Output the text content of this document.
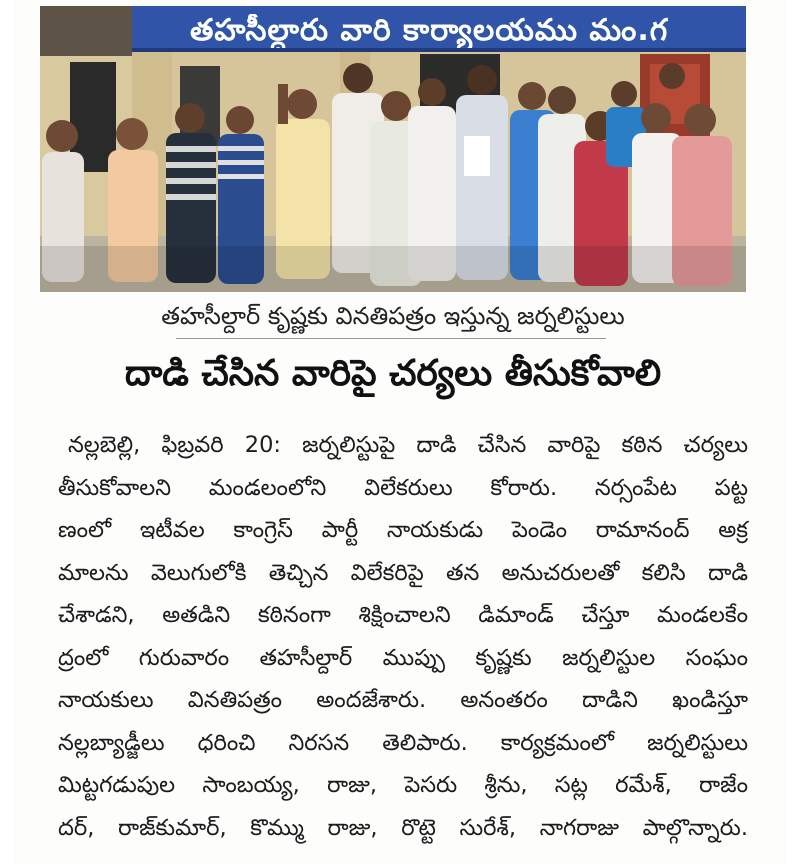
తహసీల్దారు వారి కార్యాలయము మం.గ
తహసీల్దార్ కృష్ణకు వినతిపత్రం ఇస్తున్న జర్నలిస్టులు
దాడి చేసిన వారిపై చర్యలు తీసుకోవాలి
నల్లబెల్లి, ఫిబ్రవరి 20: జర్నలిస్టుపై దాడి చేసిన వారిపై కఠిన చర్యలు
తీసుకోవాలని మండలంలోని విలేకరులు కోరారు. నర్సంపేట పట్ట
ణంలో ఇటీవల కాంగ్రెస్ పార్టీ నాయకుడు పెండెం రామానంద్ అక్ర
మాలను వెలుగులోకి తెచ్చిన విలేకరిపై తన అనుచరులతో కలిసి దాడి
చేశాడని, అతడిని కఠినంగా శిక్షించాలని డిమాండ్ చేస్తూ మండలకేం
ద్రంలో గురువారం తహసీల్దార్ ముప్పు కృష్ణకు జర్నలిస్టుల సంఘం
నాయకులు వినతిపత్రం అందజేశారు. అనంతరం దాడిని ఖండిస్తూ
నల్లబ్యాడ్జీలు ధరించి నిరసన తెలిపారు. కార్యక్రమంలో జర్నలిస్టులు
మిట్టగడుపుల సాంబయ్య, రాజు, పెసరు శ్రీను, సట్ల రమేశ్, రాజేం
దర్, రాజ్‌కుమార్, కొమ్ము రాజు, రొట్టె సురేశ్, నాగరాజు పాల్గొన్నారు.
